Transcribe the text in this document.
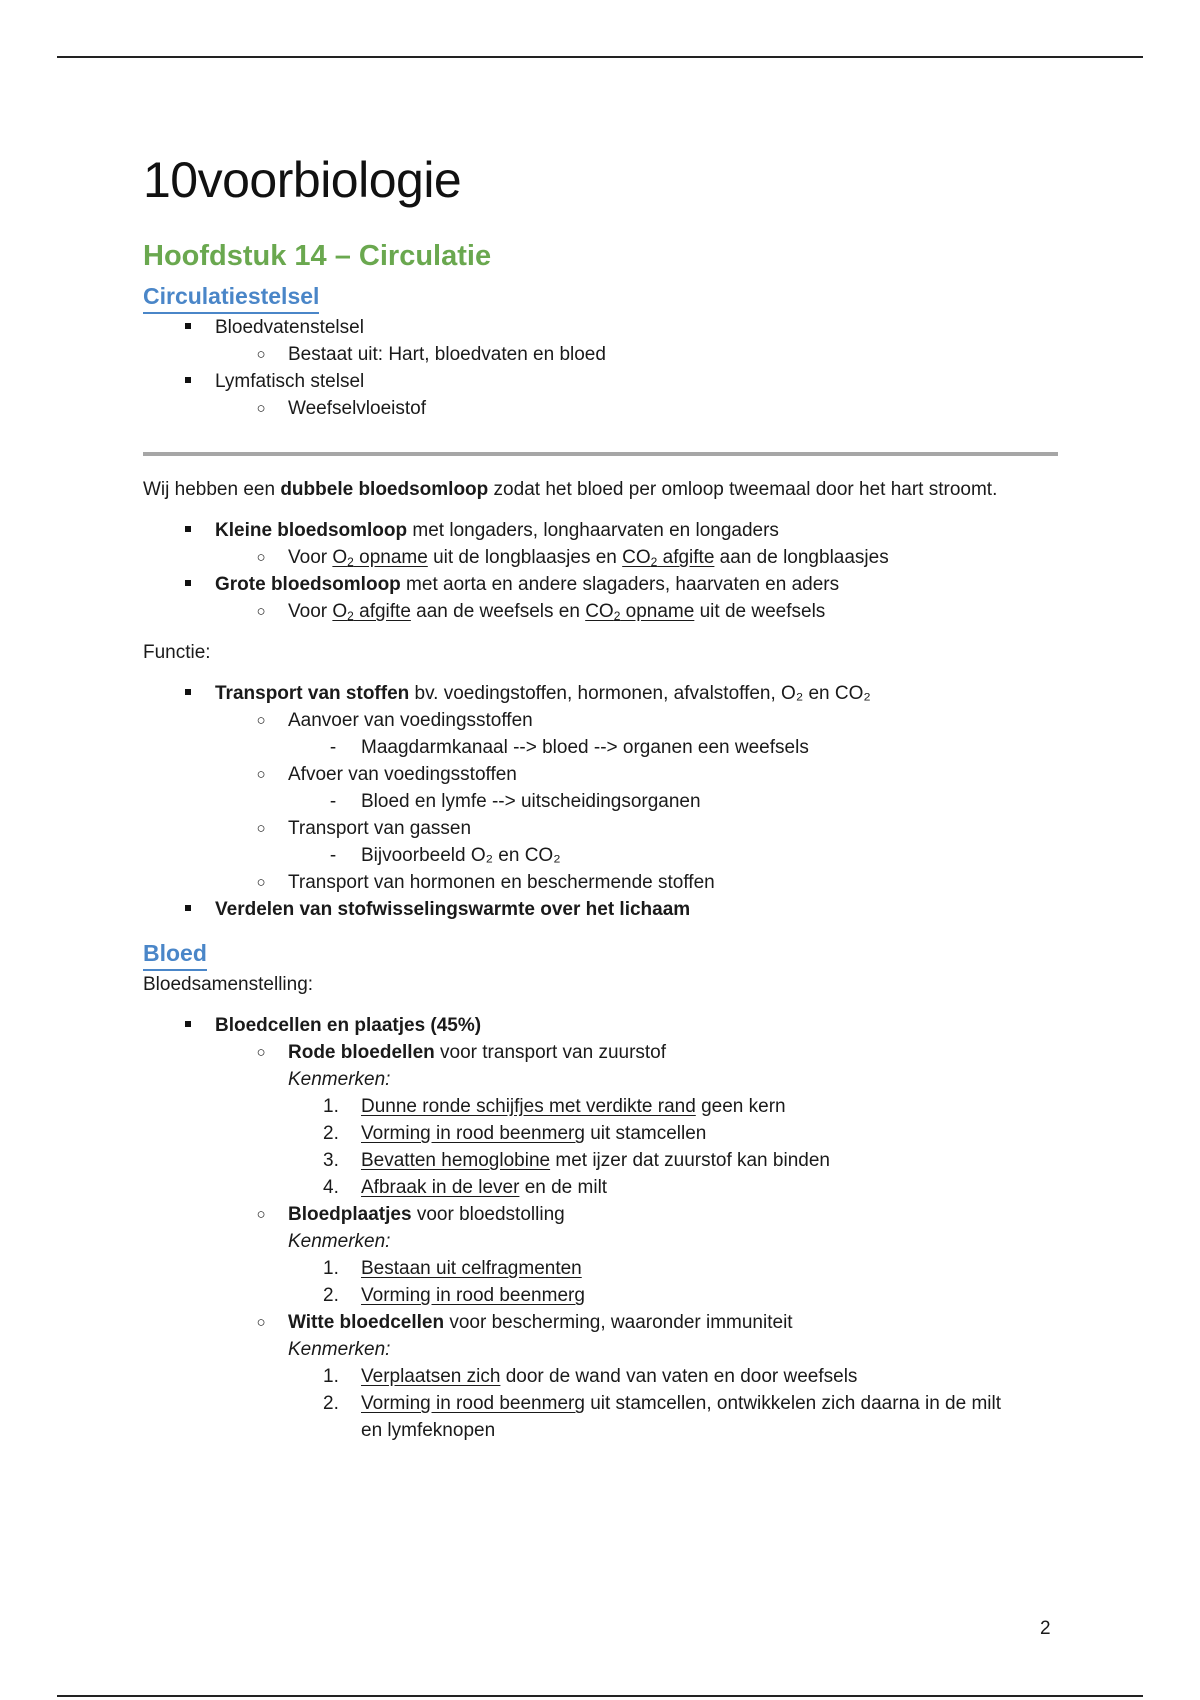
10voorbiologie
Hoofdstuk 14 – Circulatie
Circulatiestelsel
Bloedvatenstelsel
○ Bestaat uit: Hart, bloedvaten en bloed
Lymfatisch stelsel
○ Weefselvloeistof
Wij hebben een dubbele bloedsomloop zodat het bloed per omloop tweemaal door het hart stroomt.
Kleine bloedsomloop met longaders, longhaarvaten en longaders
○ Voor $O_2$ opname uit de longblaasjes en $CO_2$ afgifte aan de longblaasjes
Grote bloedsomloop met aorta en andere slagaders, haarvaten en aders
○ Voor $O_2$ afgifte aan de weefsels en $CO_2$ opname uit de weefsels
Functie:
Transport van stoffen bv. voedingstoffen, hormonen, afvalstoffen, O₂ en CO₂
○ Aanvoer van voedingsstoffen
-	Maagdarmkanaal --> bloed --> organen een weefsels
○ Afvoer van voedingsstoffen
-	Bloed en lymfe --> uitscheidingsorganen
○ Transport van gassen
-	Bijvoorbeeld O₂ en CO₂
○ Transport van hormonen en beschermende stoffen
Verdelen van stofwisselingswarmte over het lichaam
Bloed
Bloedsamenstelling:
Bloedcellen en plaatjes (45%)
○ Rode bloedellen voor transport van zuurstof
Kenmerken:
1.	Dunne ronde schijfjes met verdikte rand geen kern
2.	Vorming in rood beenmerg uit stamcellen
3.	Bevatten hemoglobine met ijzer dat zuurstof kan binden
4.	Afbraak in de lever en de milt
○ Bloedplaatjes voor bloedstolling
Kenmerken:
1.	Bestaan uit celfragmenten
2.	Vorming in rood beenmerg
○ Witte bloedcellen voor bescherming, waaronder immuniteit
Kenmerken:
1.	Verplaatsen zich door de wand van vaten en door weefsels
2.	Vorming in rood beenmerg uit stamcellen, ontwikkelen zich daarna in de milt
en lymfeknopen
2
